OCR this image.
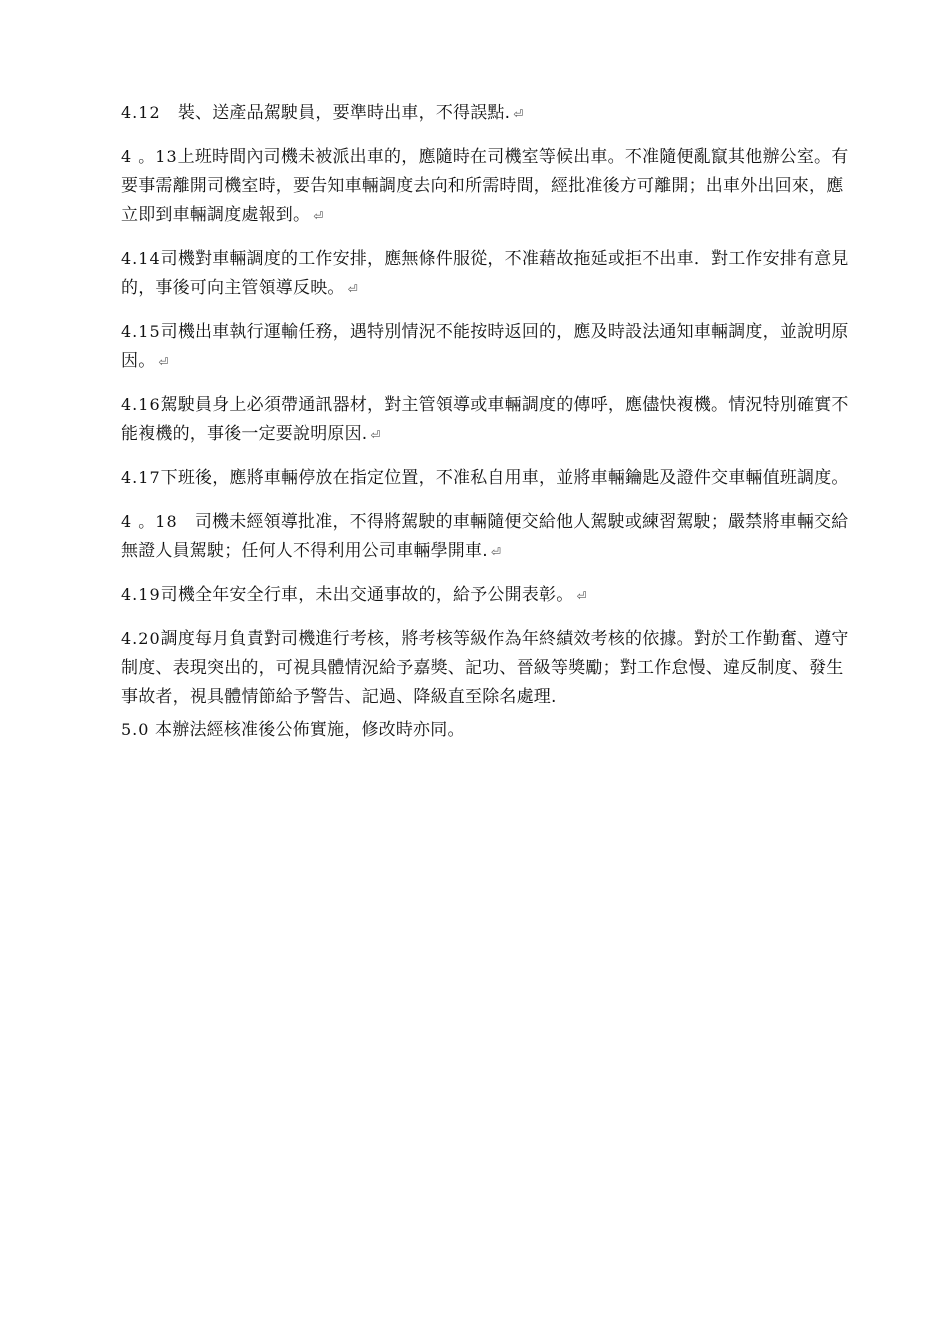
4.12　裝、送產品駕駛員，要準時出車，不得誤點. ⏎

4 。13上班時間內司機未被派出車的，應隨時在司機室等候出車。不准隨便亂竄其他辦公室。有要事需離開司機室時，要告知車輛調度去向和所需時間，經批准後方可離開；出車外出回來，應立即到車輛調度處報到。 ⏎

4.14司機對車輛調度的工作安排，應無條件服從，不准藉故拖延或拒不出車．對工作安排有意見的，事後可向主管領導反映。 ⏎

4.15司機出車執行運輸任務，遇特別情況不能按時返回的，應及時設法通知車輛調度，並說明原因。 ⏎

4.16駕駛員身上必須帶通訊器材，對主管領導或車輛調度的傳呼，應儘快複機。情況特別確實不能複機的，事後一定要說明原因. ⏎

4.17下班後，應將車輛停放在指定位置，不准私自用車，並將車輛鑰匙及證件交車輛值班調度。

4 。18　司機未經領導批准，不得將駕駛的車輛隨便交給他人駕駛或練習駕駛；嚴禁將車輛交給無證人員駕駛；任何人不得利用公司車輛學開車. ⏎

4.19司機全年安全行車，未出交通事故的，給予公開表彰。 ⏎

4.20調度每月負責對司機進行考核，將考核等級作為年終績效考核的依據。對於工作勤奮、遵守制度、表現突出的，可視具體情況給予嘉獎、記功、晉級等獎勵；對工作怠慢、違反制度、發生事故者，視具體情節給予警告、記過、降級直至除名處理.

5.0 本辦法經核准後公佈實施，修改時亦同。
